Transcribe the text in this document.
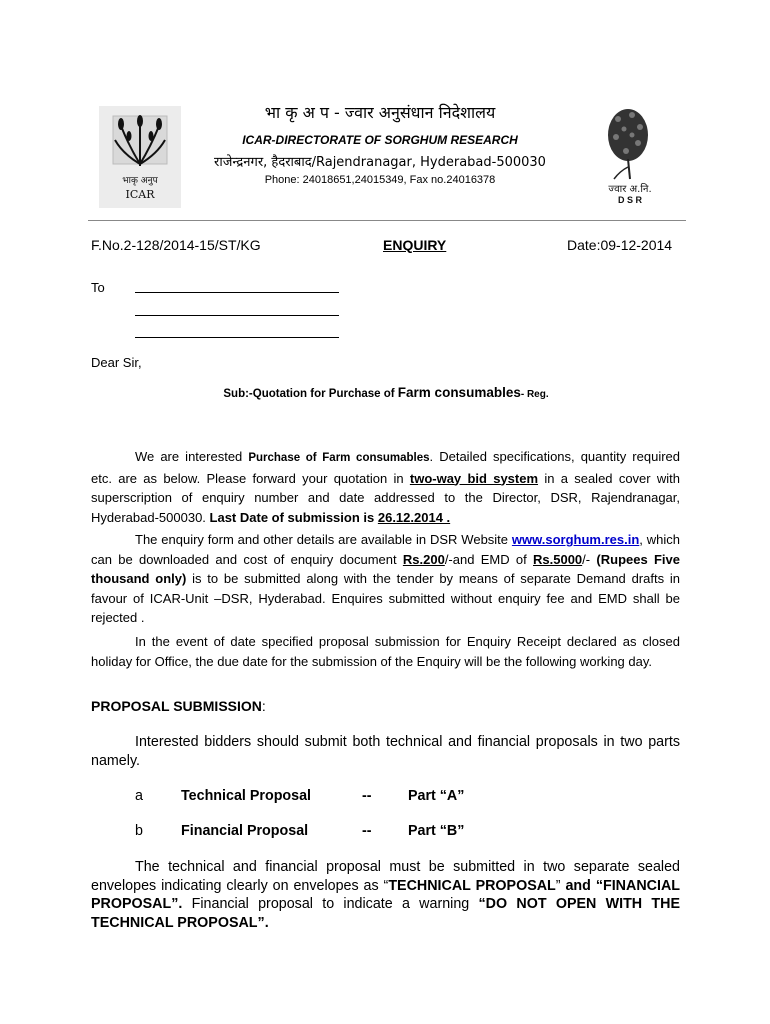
भाकृ अनुप
ICAR	ज्वार अ.नि.
D S R
भा कृ अ प - ज्वार अनुसंधान निदेशालय
ICAR-DIRECTORATE OF SORGHUM RESEARCH
राजेन्द्रनगर, हैदराबाद/Rajendranagar, Hyderabad-500030
Phone: 24018651,24015349, Fax no.24016378
F.No.2-128/2014-15/ST/KG	ENQUIRY	Date:09-12-2014
To
Dear Sir,
Sub:-Quotation for Purchase of Farm consumables- Reg.
We are interested Purchase of Farm consumables. Detailed specifications, quantity required etc. are as below. Please forward your quotation in two-way bid system in a sealed cover with superscription of enquiry number and date addressed to the Director, DSR, Rajendranagar, Hyderabad-500030. Last Date of submission is 26.12.2014 .
The enquiry form and other details are available in DSR Website www.sorghum.res.in, which can be downloaded and cost of enquiry document Rs.200/-and EMD of Rs.5000/- (Rupees Five thousand only) is to be submitted along with the tender by means of separate Demand drafts in favour of ICAR-Unit –DSR, Hyderabad. Enquires submitted without enquiry fee and EMD shall be rejected .
In the event of date specified proposal submission for Enquiry Receipt declared as closed holiday for Office, the due date for the submission of the Enquiry will be the following working day.
PROPOSAL SUBMISSION:
Interested bidders should submit both technical and financial proposals in two parts namely.
a	Technical Proposal	--	Part “A”
b	Financial Proposal	--	Part “B”
The technical and financial proposal must be submitted in two separate sealed envelopes indicating clearly on envelopes as “TECHNICAL PROPOSAL” and “FINANCIAL PROPOSAL”. Financial proposal to indicate a warning “DO NOT OPEN WITH THE TECHNICAL PROPOSAL”.
